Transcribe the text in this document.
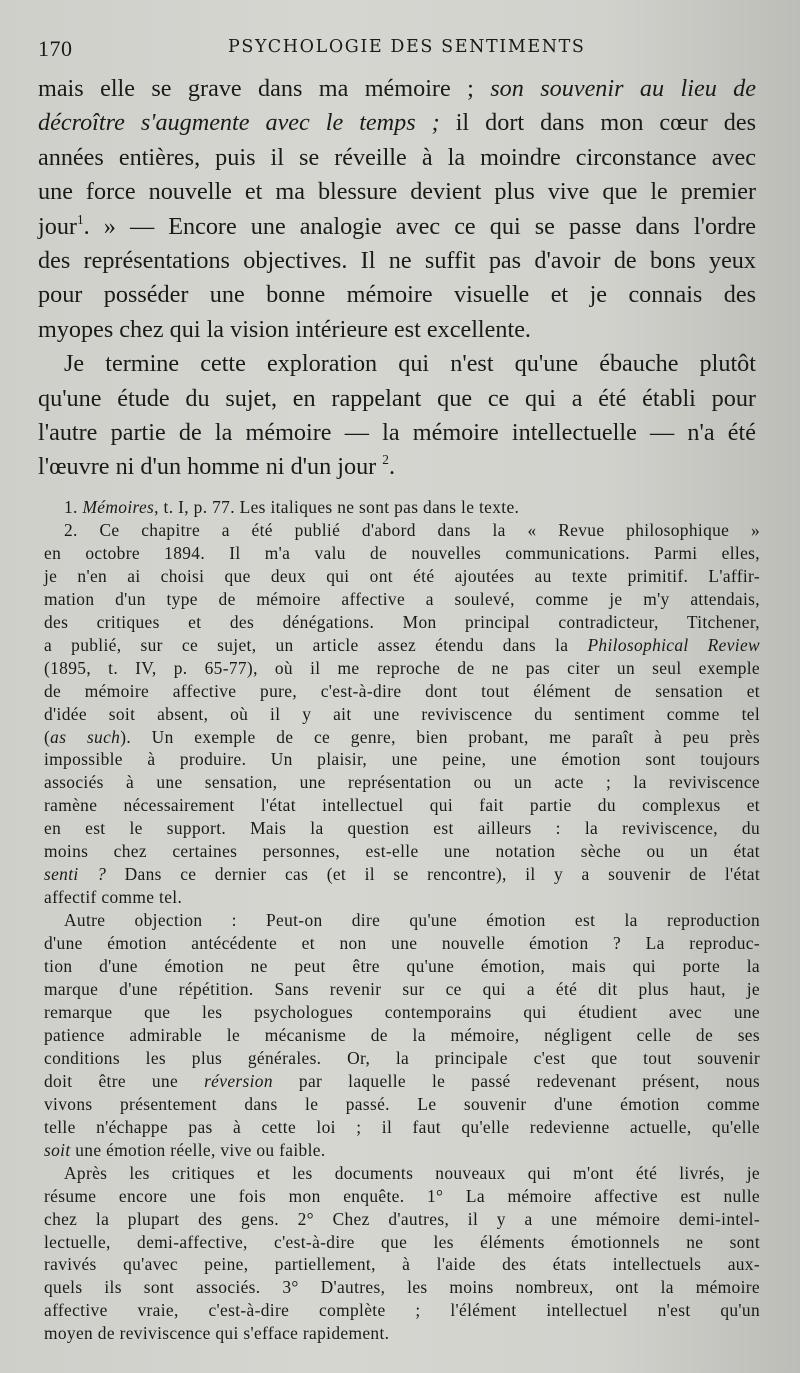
170	PSYCHOLOGIE DES SENTIMENTS

mais elle se grave dans ma mémoire ; son souvenir au lieu de
décroître s'augmente avec le temps ; il dort dans mon cœur des
années entières, puis il se réveille à la moindre circonstance avec
une force nouvelle et ma blessure devient plus vive que le premier
jour$^1$. » — Encore une analogie avec ce qui se passe dans l'ordre
des représentations objectives. Il ne suffit pas d'avoir de bons yeux
pour posséder une bonne mémoire visuelle et je connais des
myopes chez qui la vision intérieure est excellente.

Je termine cette exploration qui n'est qu'une ébauche plutôt
qu'une étude du sujet, en rappelant que ce qui a été établi pour
l'autre partie de la mémoire — la mémoire intellectuelle — n'a été
l'œuvre ni d'un homme ni d'un jour $^2$.

1. Mémoires, t. I, p. 77. Les italiques ne sont pas dans le texte.

2. Ce chapitre a été publié d'abord dans la « Revue philosophique »
en octobre 1894. Il m'a valu de nouvelles communications. Parmi elles,
je n'en ai choisi que deux qui ont été ajoutées au texte primitif. L'affir-
mation d'un type de mémoire affective a soulevé, comme je m'y attendais,
des critiques et des dénégations. Mon principal contradicteur, Titchener,
a publié, sur ce sujet, un article assez étendu dans la Philosophical Review
(1895, t. IV, p. 65-77), où il me reproche de ne pas citer un seul exemple
de mémoire affective pure, c'est-à-dire dont tout élément de sensation et
d'idée soit absent, où il y ait une reviviscence du sentiment comme tel
(as such). Un exemple de ce genre, bien probant, me paraît à peu près
impossible à produire. Un plaisir, une peine, une émotion sont toujours
associés à une sensation, une représentation ou un acte ; la reviviscence
ramène nécessairement l'état intellectuel qui fait partie du complexus et
en est le support. Mais la question est ailleurs : la reviviscence, du
moins chez certaines personnes, est-elle une notation sèche ou un état
senti ? Dans ce dernier cas (et il se rencontre), il y a souvenir de l'état
affectif comme tel.

Autre objection : Peut-on dire qu'une émotion est la reproduction
d'une émotion antécédente et non une nouvelle émotion ? La reproduc-
tion d'une émotion ne peut être qu'une émotion, mais qui porte la
marque d'une répétition. Sans revenir sur ce qui a été dit plus haut, je
remarque que les psychologues contemporains qui étudient avec une
patience admirable le mécanisme de la mémoire, négligent celle de ses
conditions les plus générales. Or, la principale c'est que tout souvenir
doit être une réversion par laquelle le passé redevenant présent, nous
vivons présentement dans le passé. Le souvenir d'une émotion comme
telle n'échappe pas à cette loi ; il faut qu'elle redevienne actuelle, qu'elle
soit une émotion réelle, vive ou faible.

Après les critiques et les documents nouveaux qui m'ont été livrés, je
résume encore une fois mon enquête. 1° La mémoire affective est nulle
chez la plupart des gens. 2° Chez d'autres, il y a une mémoire demi-intel-
lectuelle, demi-affective, c'est-à-dire que les éléments émotionnels ne sont
ravivés qu'avec peine, partiellement, à l'aide des états intellectuels aux-
quels ils sont associés. 3° D'autres, les moins nombreux, ont la mémoire
affective vraie, c'est-à-dire complète ; l'élément intellectuel n'est qu'un
moyen de reviviscence qui s'efface rapidement.
